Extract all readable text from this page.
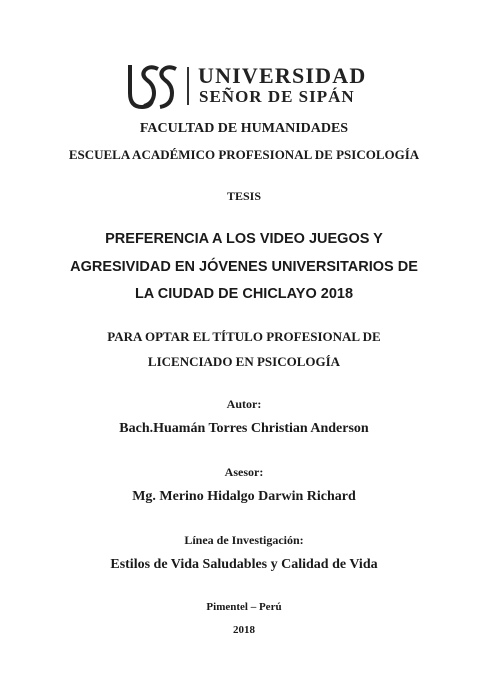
UNIVERSIDAD
SEÑOR DE SIPÁN
FACULTAD DE HUMANIDADES
ESCUELA ACADÉMICO PROFESIONAL DE PSICOLOGÍA
TESIS
PREFERENCIA A LOS VIDEO JUEGOS Y
AGRESIVIDAD EN JÓVENES UNIVERSITARIOS DE
LA CIUDAD DE CHICLAYO 2018
PARA OPTAR EL TÍTULO PROFESIONAL DE
LICENCIADO EN PSICOLOGÍA
Autor:
Bach.Huamán Torres Christian Anderson
Asesor:
Mg. Merino Hidalgo Darwin Richard
Línea de Investigación:
Estilos de Vida Saludables y Calidad de Vida
Pimentel – Perú
2018
